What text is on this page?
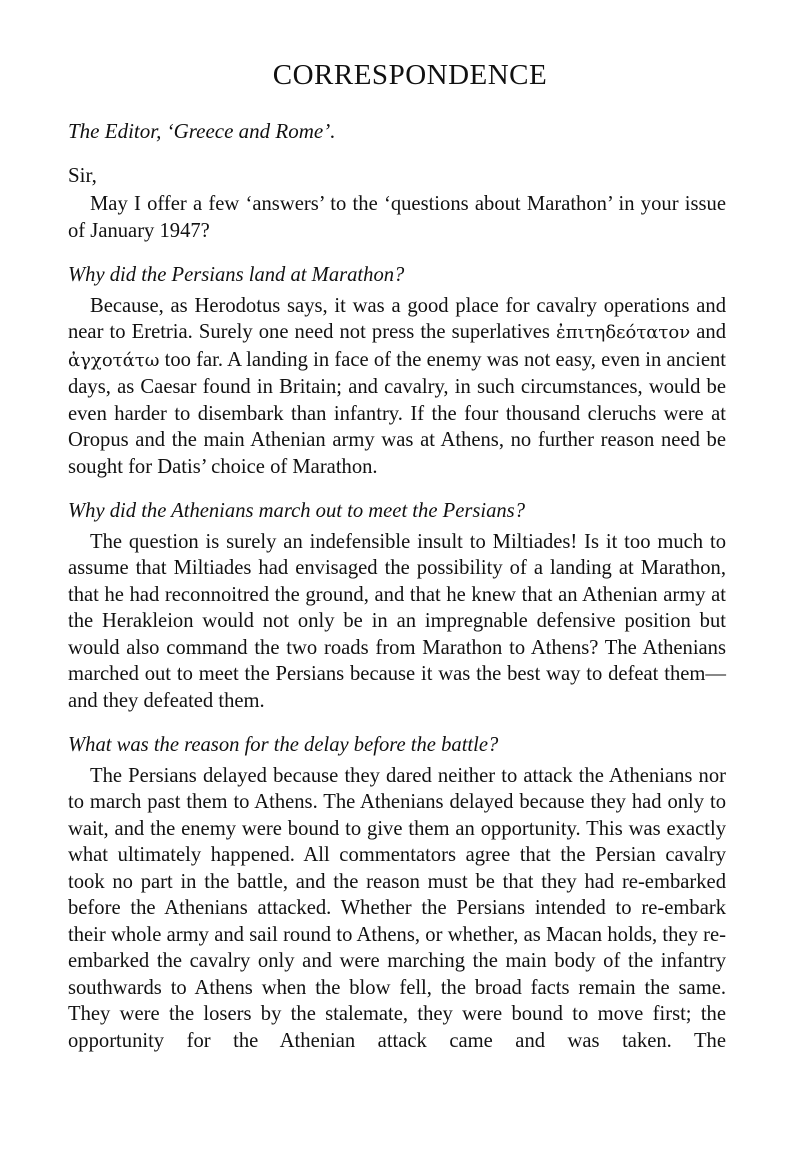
CORRESPONDENCE
The Editor, ‘Greece and Rome’.
Sir,

May I offer a few ‘answers’ to the ‘questions about Marathon’ in your issue of January 1947?

Why did the Persians land at Marathon?

Because, as Herodotus says, it was a good place for cavalry operations and near to Eretria. Surely one need not press the superlatives ἐπιτηδεότατον and ἀγχοτάτω too far. A landing in face of the enemy was not easy, even in ancient days, as Caesar found in Britain; and cavalry, in such circumstances, would be even harder to disembark than infantry. If the four thousand cleruchs were at Oropus and the main Athenian army was at Athens, no further reason need be sought for Datis’ choice of Marathon.

Why did the Athenians march out to meet the Persians?

The question is surely an indefensible insult to Miltiades! Is it too much to assume that Miltiades had envisaged the possibility of a landing at Marathon, that he had reconnoitred the ground, and that he knew that an Athenian army at the Herakleion would not only be in an impregnable defensive position but would also command the two roads from Marathon to Athens? The Athenians marched out to meet the Persians because it was the best way to defeat them—and they defeated them.

What was the reason for the delay before the battle?

The Persians delayed because they dared neither to attack the Athenians nor to march past them to Athens. The Athenians delayed because they had only to wait, and the enemy were bound to give them an opportunity. This was exactly what ultimately happened. All commentators agree that the Persian cavalry took no part in the battle, and the reason must be that they had re-embarked before the Athenians attacked. Whether the Persians intended to re-embark their whole army and sail round to Athens, or whether, as Macan holds, they re-embarked the cavalry only and were marching the main body of the infantry southwards to Athens when the blow fell, the broad facts remain the same. They were the losers by the stalemate, they were bound to move first; the opportunity for the Athenian attack came and was taken. The
